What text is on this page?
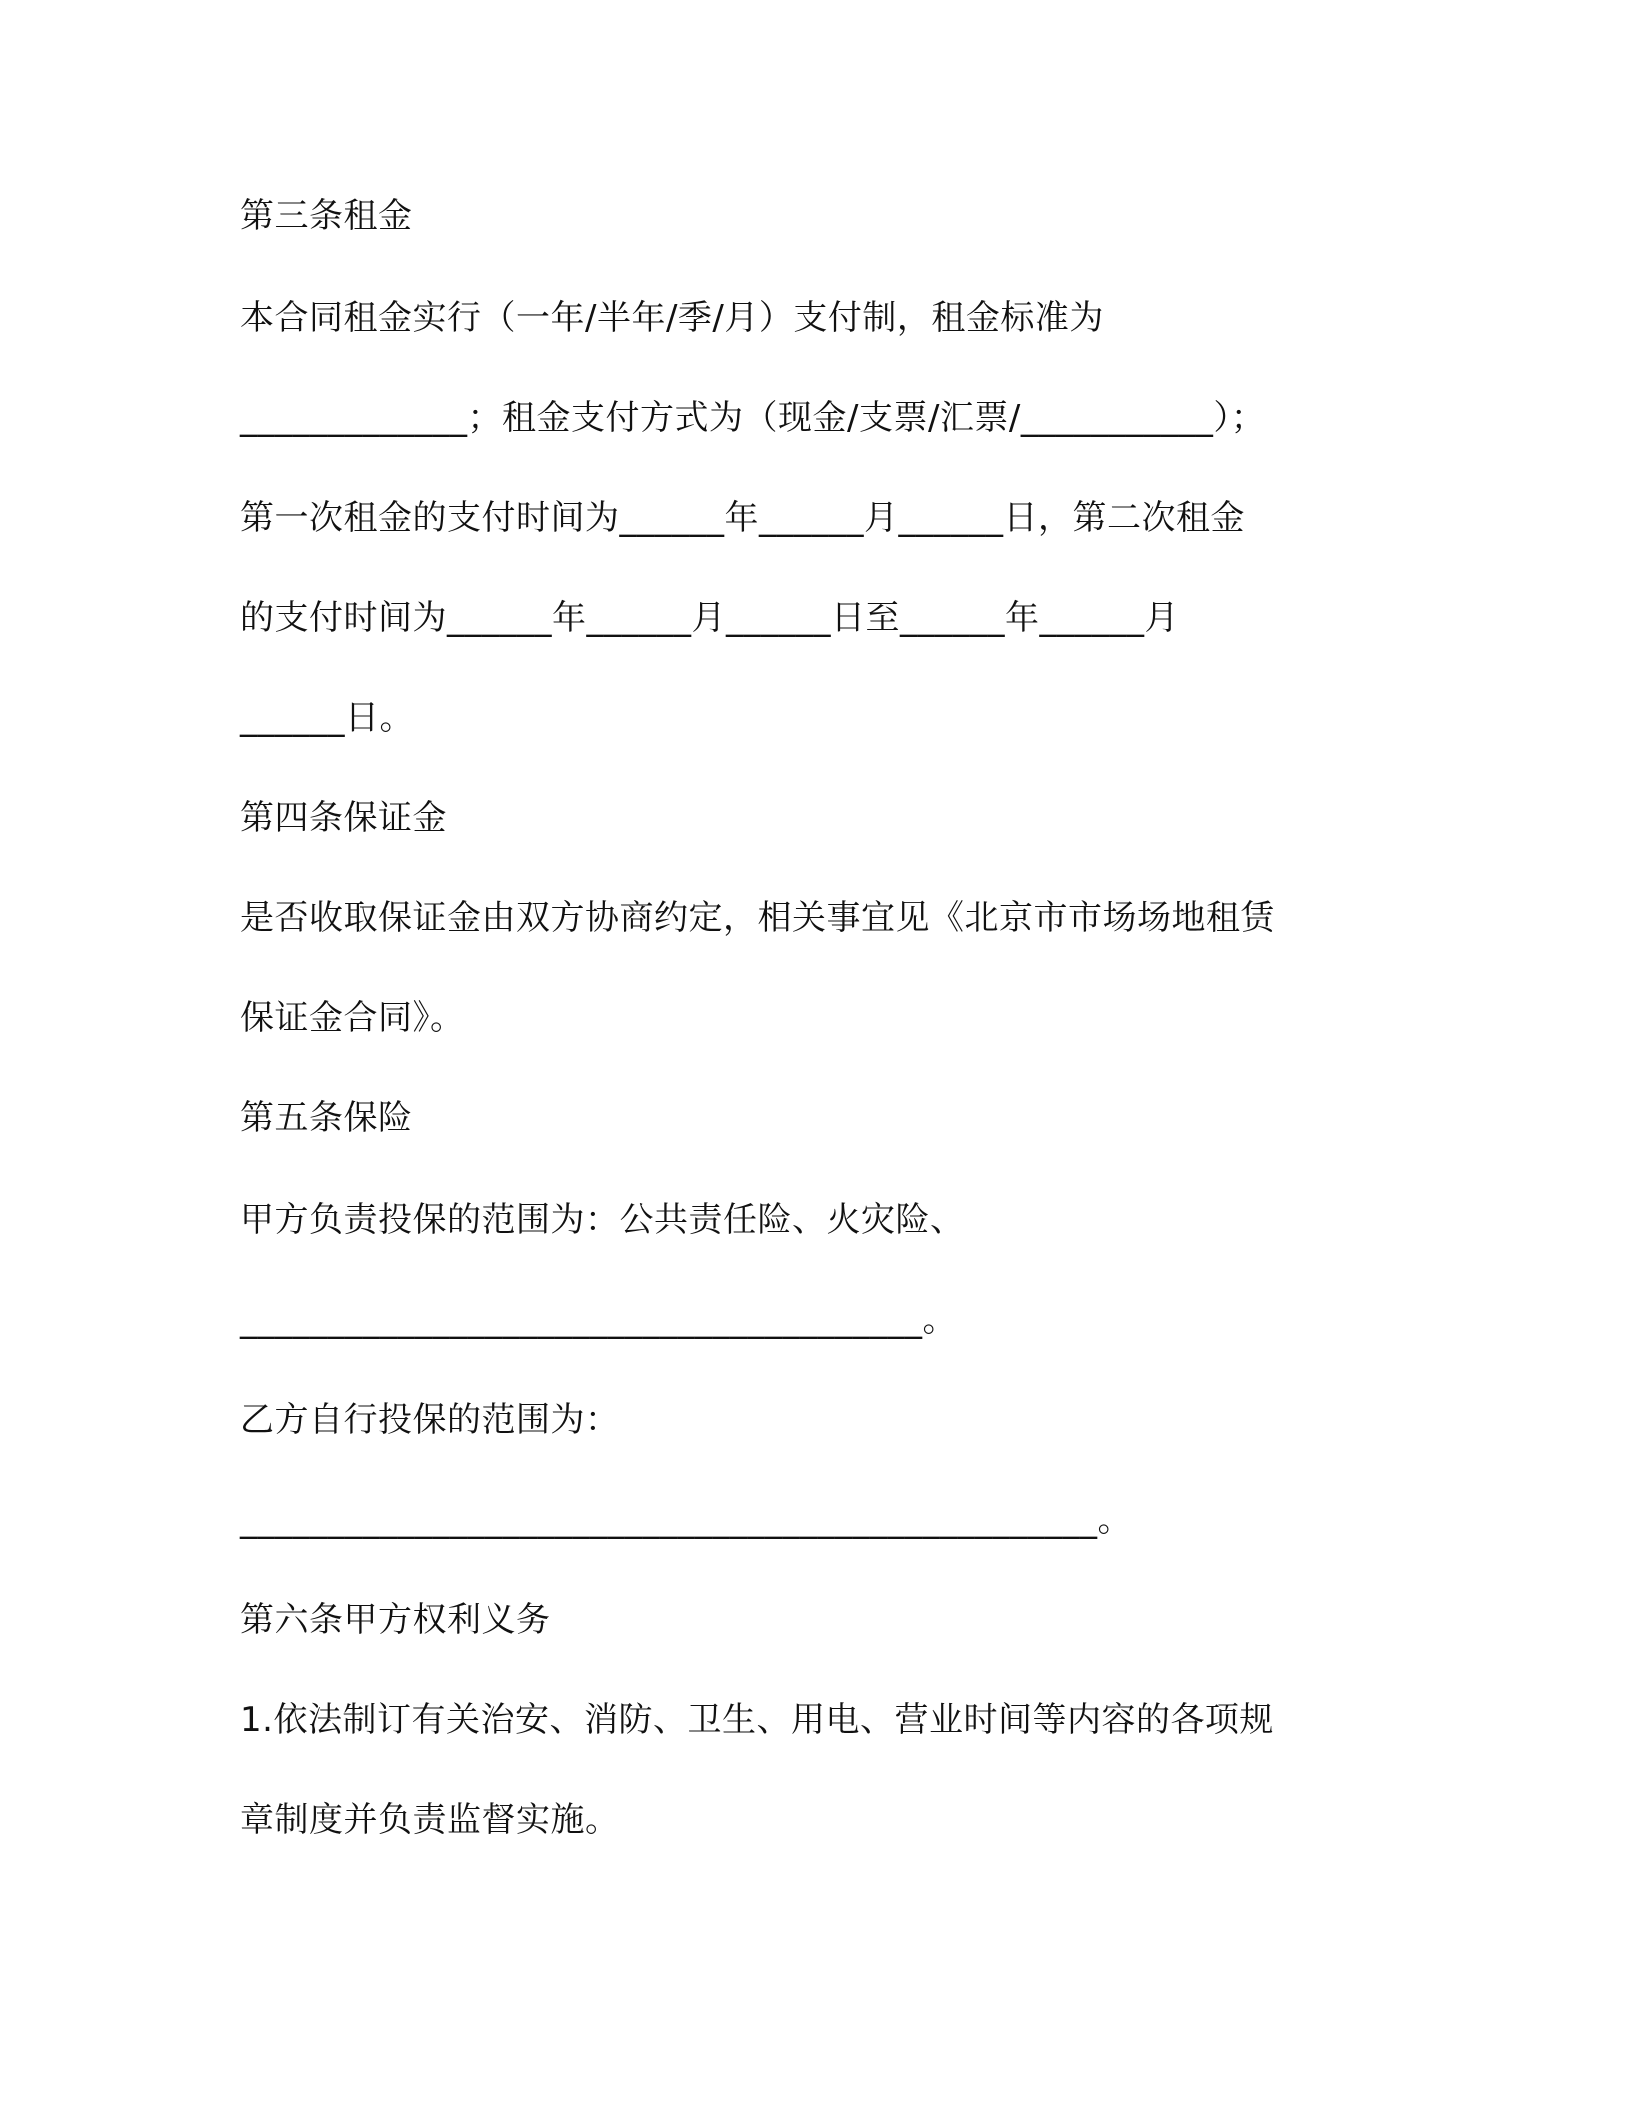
第三条租金

本合同租金实行（一年/半年/季/月）支付制，租金标准为

_____________；租金支付方式为（现金/支票/汇票/___________）；

第一次租金的支付时间为______年______月______日，第二次租金

的支付时间为______年______月______日至______年______月

______日。

第四条保证金

是否收取保证金由双方协商约定，相关事宜见《北京市市场场地租赁

保证金合同》。

第五条保险

甲方负责投保的范围为：公共责任险、火灾险、

_______________________________________。

乙方自行投保的范围为：

_________________________________________________。

第六条甲方权利义务

1.依法制订有关治安、消防、卫生、用电、营业时间等内容的各项规

章制度并负责监督实施。
